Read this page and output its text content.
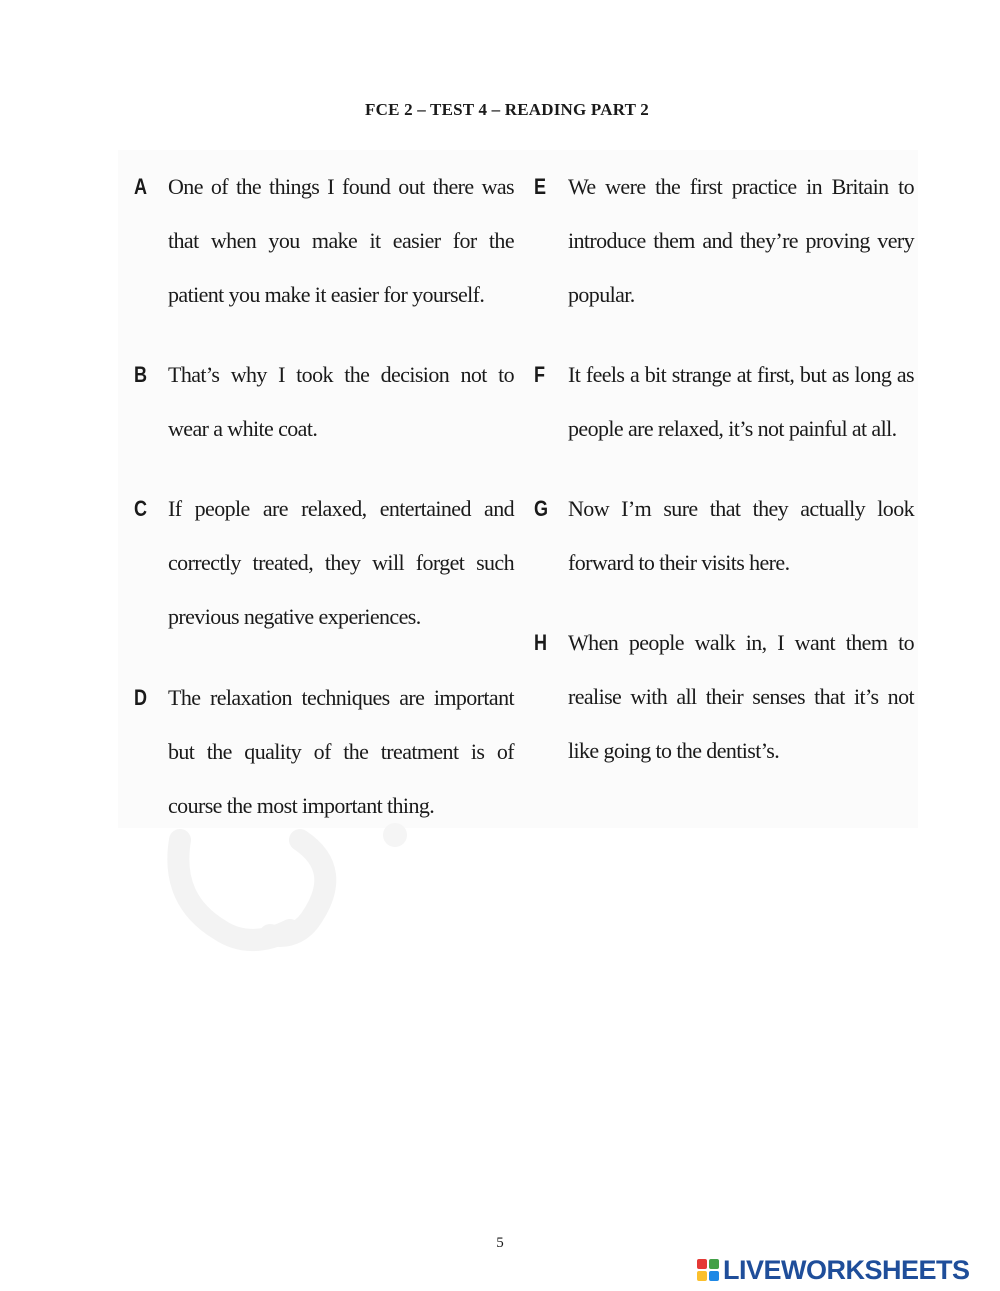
FCE 2 – TEST 4 – READING PART 2
A One of the things I found out there was that when you make it easier for the patient you make it easier for yourself.
B That’s why I took the decision not to wear a white coat.
C If people are relaxed, entertained and correctly treated, they will forget such previous negative experiences.
D The relaxation techniques are important but the quality of the treatment is of course the most important thing.
E We were the first practice in Britain to introduce them and they’re proving very popular.
F	It feels a bit strange at first, but as long as people are relaxed, it’s not painful at all.
G Now I’m sure that they actually look forward to their visits here.
H When people walk in, I want them to realise with all their senses that it’s not like going to the dentist’s.
5
LIVEWORKSHEETS
